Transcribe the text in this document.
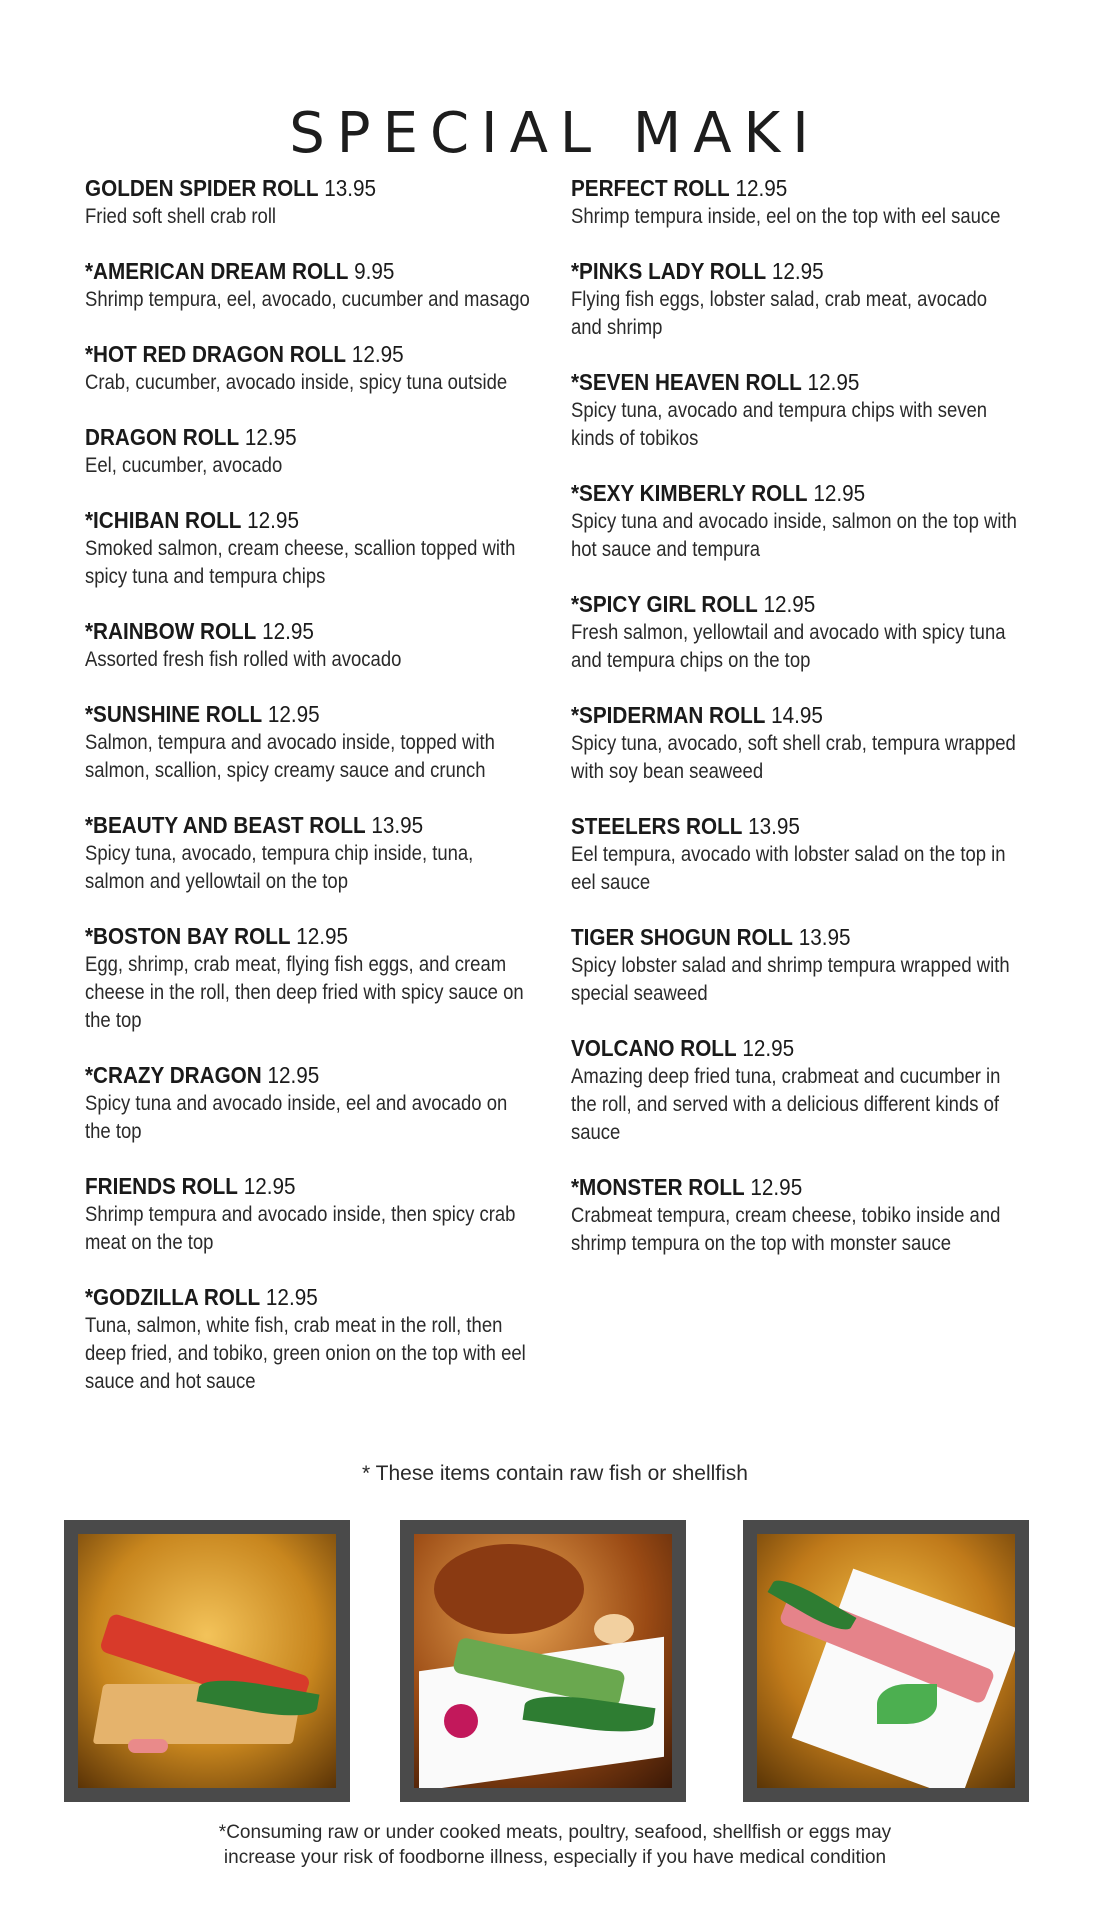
SPECIAL MAKI
GOLDEN SPIDER ROLL 13.95
Fried soft shell crab roll
*AMERICAN DREAM ROLL 9.95
Shrimp tempura, eel, avocado, cucumber and masago
*HOT RED DRAGON ROLL 12.95
Crab, cucumber, avocado inside, spicy tuna outside
DRAGON ROLL 12.95
Eel, cucumber, avocado
*ICHIBAN ROLL 12.95
Smoked salmon, cream cheese, scallion topped with spicy tuna and tempura chips
*RAINBOW ROLL 12.95
Assorted fresh fish rolled with avocado
*SUNSHINE ROLL 12.95
Salmon, tempura and avocado inside, topped with salmon, scallion, spicy creamy sauce and crunch
*BEAUTY AND BEAST ROLL 13.95
Spicy tuna, avocado, tempura chip inside, tuna, salmon and yellowtail on the top
*BOSTON BAY ROLL 12.95
Egg, shrimp, crab meat, flying fish eggs, and cream cheese in the roll, then deep fried with spicy sauce on the top
*CRAZY DRAGON 12.95
Spicy tuna and avocado inside, eel and avocado on the top
FRIENDS ROLL 12.95
Shrimp tempura and avocado inside, then spicy crab meat on the top
*GODZILLA ROLL 12.95
Tuna, salmon, white fish, crab meat in the roll, then deep fried, and tobiko, green onion on the top with eel sauce and hot sauce
PERFECT ROLL 12.95
Shrimp tempura inside, eel on the top with eel sauce
*PINKS LADY ROLL 12.95
Flying fish eggs, lobster salad, crab meat, avocado and shrimp
*SEVEN HEAVEN ROLL 12.95
Spicy tuna, avocado and tempura chips with seven kinds of tobikos
*SEXY KIMBERLY ROLL 12.95
Spicy tuna and avocado inside, salmon on the top with hot sauce and tempura
*SPICY GIRL ROLL 12.95
Fresh salmon, yellowtail and avocado with spicy tuna and tempura chips on the top
*SPIDERMAN ROLL 14.95
Spicy tuna, avocado, soft shell crab, tempura wrapped with soy bean seaweed
STEELERS ROLL 13.95
Eel tempura, avocado with lobster salad on the top in eel sauce
TIGER SHOGUN ROLL 13.95
Spicy lobster salad and shrimp tempura wrapped with special seaweed
VOLCANO ROLL 12.95
Amazing deep fried tuna, crabmeat and cucumber in the roll, and served with a delicious different kinds of sauce
*MONSTER ROLL 12.95
Crabmeat tempura, cream cheese, tobiko inside and shrimp tempura on the top with monster sauce
* These items contain raw fish or shellfish
*Consuming raw or under cooked meats, poultry, seafood, shellfish or eggs may
increase your risk of foodborne illness, especially if you have medical condition
